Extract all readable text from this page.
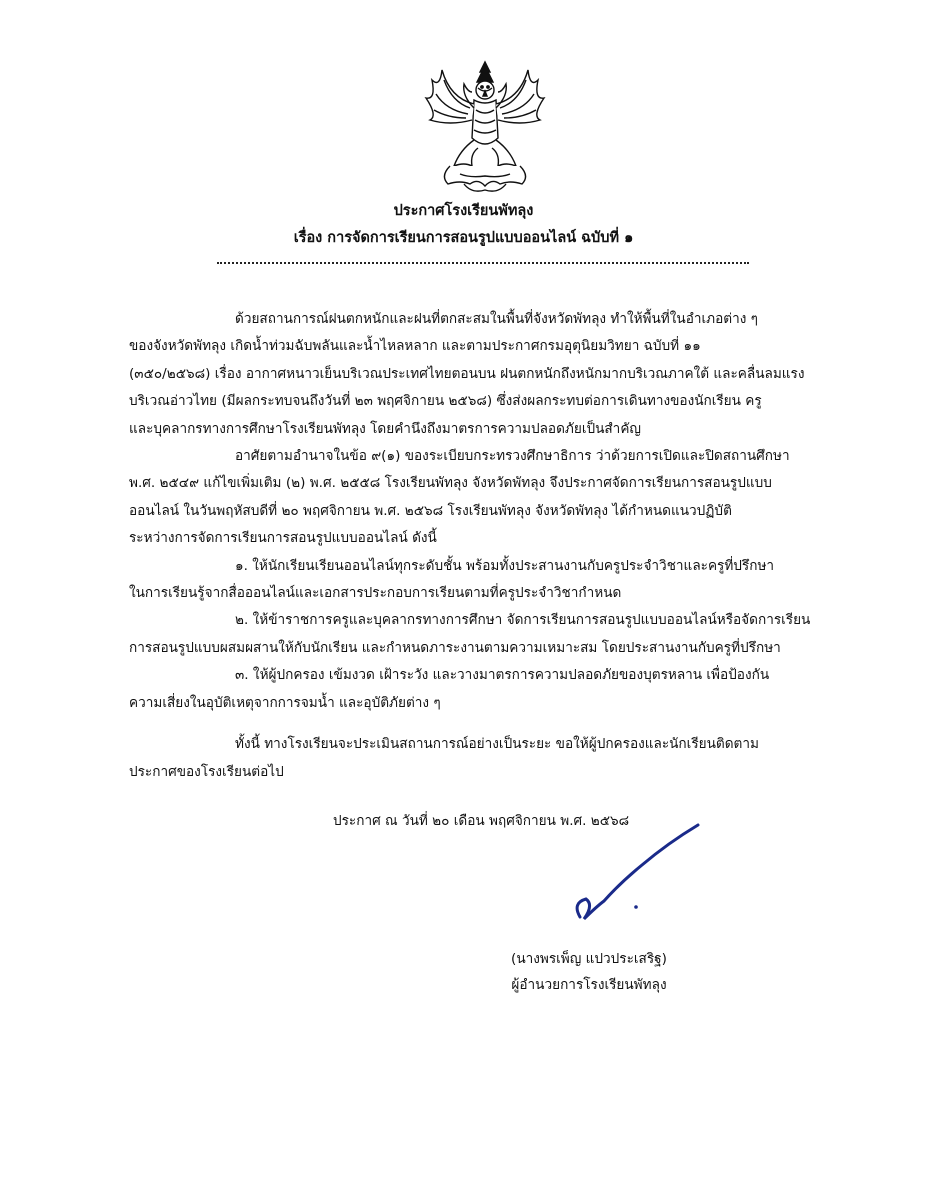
ประกาศโรงเรียนพัทลุง
เรื่อง การจัดการเรียนการสอนรูปแบบออนไลน์ ฉบับที่ ๑

ด้วยสถานการณ์ฝนตกหนักและฝนที่ตกสะสมในพื้นที่จังหวัดพัทลุง ทำให้พื้นที่ในอำเภอต่าง ๆ
ของจังหวัดพัทลุง เกิดน้ำท่วมฉับพลันและน้ำไหลหลาก และตามประกาศกรมอุตุนิยมวิทยา ฉบับที่ ๑๑
(๓๕๐/๒๕๖๘) เรื่อง อากาศหนาวเย็นบริเวณประเทศไทยตอนบน ฝนตกหนักถึงหนักมากบริเวณภาคใต้ และคลื่นลมแรง
บริเวณอ่าวไทย (มีผลกระทบจนถึงวันที่ ๒๓ พฤศจิกายน ๒๕๖๘) ซึ่งส่งผลกระทบต่อการเดินทางของนักเรียน ครู
และบุคลากรทางการศึกษาโรงเรียนพัทลุง โดยคำนึงถึงมาตรการความปลอดภัยเป็นสำคัญ

อาศัยตามอำนาจในข้อ ๙(๑) ของระเบียบกระทรวงศึกษาธิการ ว่าด้วยการเปิดและปิดสถานศึกษา
พ.ศ. ๒๕๔๙ แก้ไขเพิ่มเติม (๒) พ.ศ. ๒๕๕๘ โรงเรียนพัทลุง จังหวัดพัทลุง จึงประกาศจัดการเรียนการสอนรูปแบบ
ออนไลน์ ในวันพฤหัสบดีที่ ๒๐ พฤศจิกายน พ.ศ. ๒๕๖๘ โรงเรียนพัทลุง จังหวัดพัทลุง ได้กำหนดแนวปฏิบัติ
ระหว่างการจัดการเรียนการสอนรูปแบบออนไลน์ ดังนี้

๑. ให้นักเรียนเรียนออนไลน์ทุกระดับชั้น พร้อมทั้งประสานงานกับครูประจำวิชาและครูที่ปรึกษา
ในการเรียนรู้จากสื่อออนไลน์และเอกสารประกอบการเรียนตามที่ครูประจำวิชากำหนด

๒. ให้ข้าราชการครูและบุคลากรทางการศึกษา จัดการเรียนการสอนรูปแบบออนไลน์หรือจัดการเรียน
การสอนรูปแบบผสมผสานให้กับนักเรียน และกำหนดภาระงานตามความเหมาะสม โดยประสานงานกับครูที่ปรึกษา

๓. ให้ผู้ปกครอง เข้มงวด เฝ้าระวัง และวางมาตรการความปลอดภัยของบุตรหลาน เพื่อป้องกัน
ความเสี่ยงในอุบัติเหตุจากการจมน้ำ และอุบัติภัยต่าง ๆ

ทั้งนี้ ทางโรงเรียนจะประเมินสถานการณ์อย่างเป็นระยะ ขอให้ผู้ปกครองและนักเรียนติดตาม
ประกาศของโรงเรียนต่อไป

ประกาศ ณ วันที่ ๒๐ เดือน พฤศจิกายน พ.ศ. ๒๕๖๘
(นางพรเพ็ญ แปวประเสริฐ)
ผู้อำนวยการโรงเรียนพัทลุง
